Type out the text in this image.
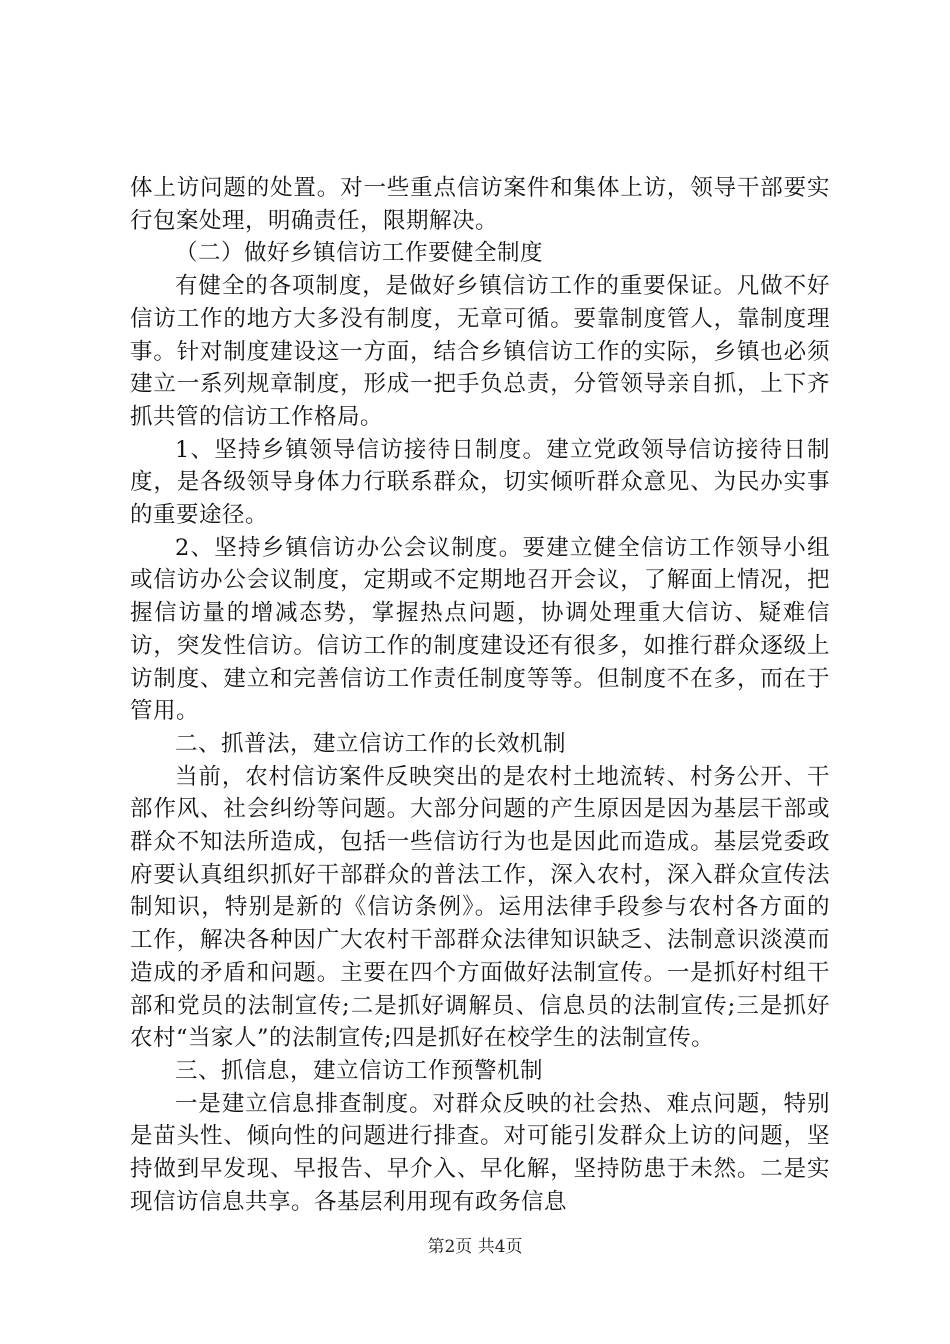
体上访问题的处置。对一些重点信访案件和集体上访，领导干部要实行包案处理，明确责任，限期解决。

（二）做好乡镇信访工作要健全制度

有健全的各项制度，是做好乡镇信访工作的重要保证。凡做不好信访工作的地方大多没有制度，无章可循。要靠制度管人，靠制度理事。针对制度建设这一方面，结合乡镇信访工作的实际，乡镇也必须建立一系列规章制度，形成一把手负总责，分管领导亲自抓，上下齐抓共管的信访工作格局。

1、坚持乡镇领导信访接待日制度。建立党政领导信访接待日制度，是各级领导身体力行联系群众，切实倾听群众意见、为民办实事的重要途径。

2、坚持乡镇信访办公会议制度。要建立健全信访工作领导小组或信访办公会议制度，定期或不定期地召开会议，了解面上情况，把握信访量的增减态势，掌握热点问题，协调处理重大信访、疑难信访，突发性信访。信访工作的制度建设还有很多，如推行群众逐级上访制度、建立和完善信访工作责任制度等等。但制度不在多，而在于管用。

二、抓普法，建立信访工作的长效机制

当前，农村信访案件反映突出的是农村土地流转、村务公开、干部作风、社会纠纷等问题。大部分问题的产生原因是因为基层干部或群众不知法所造成，包括一些信访行为也是因此而造成。基层党委政府要认真组织抓好干部群众的普法工作，深入农村，深入群众宣传法制知识，特别是新的《信访条例》。运用法律手段参与农村各方面的工作，解决各种因广大农村干部群众法律知识缺乏、法制意识淡漠而造成的矛盾和问题。主要在四个方面做好法制宣传。一是抓好村组干部和党员的法制宣传;二是抓好调解员、信息员的法制宣传;三是抓好农村“当家人”的法制宣传;四是抓好在校学生的法制宣传。

三、抓信息，建立信访工作预警机制

一是建立信息排查制度。对群众反映的社会热、难点问题，特别是苗头性、倾向性的问题进行排查。对可能引发群众上访的问题，坚持做到早发现、早报告、早介入、早化解，坚持防患于未然。二是实现信访信息共享。各基层利用现有政务信息

第2页 共4页
